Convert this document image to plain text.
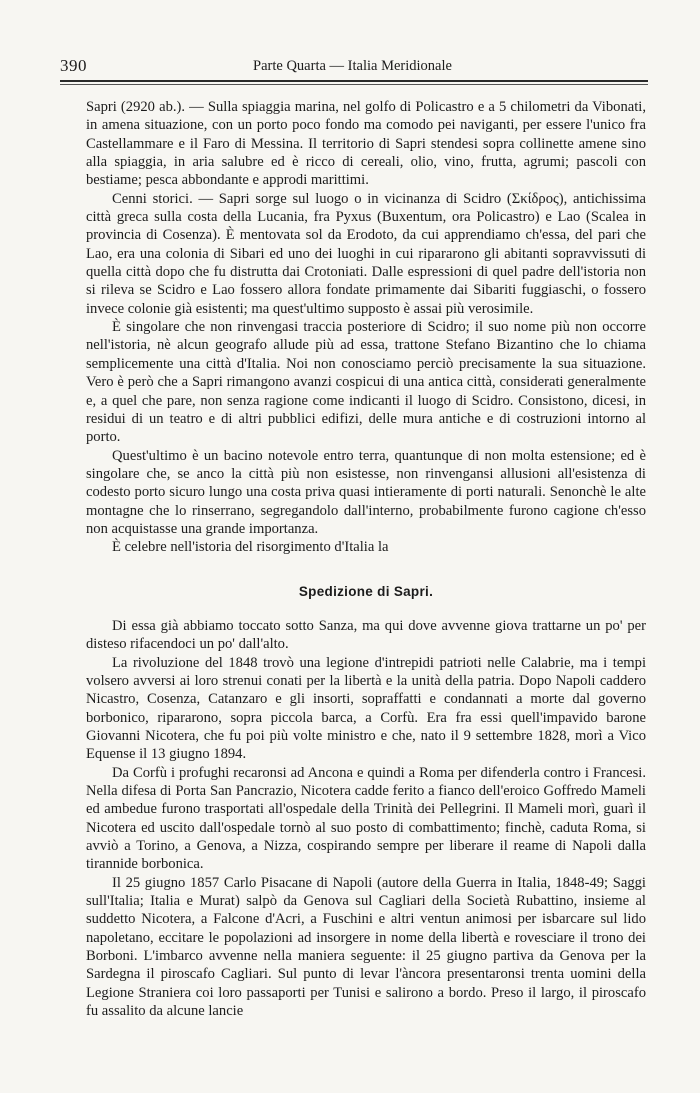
390	Parte Quarta — Italia Meridionale

Sapri (2920 ab.). — Sulla spiaggia marina, nel golfo di Policastro e a 5 chilometri da Vibonati, in amena situazione, con un porto poco fondo ma comodo pei naviganti, per essere l'unico fra Castellammare e il Faro di Messina. Il territorio di Sapri stendesi sopra collinette amene sino alla spiaggia, in aria salubre ed è ricco di cereali, olio, vino, frutta, agrumi; pascoli con bestiame; pesca abbondante e approdi marittimi.

Cenni storici. — Sapri sorge sul luogo o in vicinanza di Scidro (Σκίδρος), antichissima città greca sulla costa della Lucania, fra Pyxus (Buxentum, ora Policastro) e Lao (Scalea in provincia di Cosenza). È mentovata sol da Erodoto, da cui apprendiamo ch'essa, del pari che Lao, era una colonia di Sibari ed uno dei luoghi in cui ripararono gli abitanti sopravvissuti di quella città dopo che fu distrutta dai Crotoniati. Dalle espressioni di quel padre dell'istoria non si rileva se Scidro e Lao fossero allora fondate primamente dai Sibariti fuggiaschi, o fossero invece colonie già esistenti; ma quest'ultimo supposto è assai più verosimile.

È singolare che non rinvengasi traccia posteriore di Scidro; il suo nome più non occorre nell'istoria, nè alcun geografo allude più ad essa, trattone Stefano Bizantino che lo chiama semplicemente una città d'Italia. Noi non conosciamo perciò precisamente la sua situazione. Vero è però che a Sapri rimangono avanzi cospicui di una antica città, considerati generalmente e, a quel che pare, non senza ragione come indicanti il luogo di Scidro. Consistono, dicesi, in residui di un teatro e di altri pubblici edifizi, delle mura antiche e di costruzioni intorno al porto.

Quest'ultimo è un bacino notevole entro terra, quantunque di non molta estensione; ed è singolare che, se anco la città più non esistesse, non rinvengansi allusioni all'esistenza di codesto porto sicuro lungo una costa priva quasi intieramente di porti naturali. Senonchè le alte montagne che lo rinserrano, segregandolo dall'interno, probabilmente furono cagione ch'esso non acquistasse una grande importanza.

È celebre nell'istoria del risorgimento d'Italia la

Spedizione di Sapri.

Di essa già abbiamo toccato sotto Sanza, ma qui dove avvenne giova trattarne un po' per disteso rifacendoci un po' dall'alto.

La rivoluzione del 1848 trovò una legione d'intrepidi patrioti nelle Calabrie, ma i tempi volsero avversi ai loro strenui conati per la libertà e la unità della patria. Dopo Napoli caddero Nicastro, Cosenza, Catanzaro e gli insorti, sopraffatti e condannati a morte dal governo borbonico, ripararono, sopra piccola barca, a Corfù. Era fra essi quell'impavido barone Giovanni Nicotera, che fu poi più volte ministro e che, nato il 9 settembre 1828, morì a Vico Equense il 13 giugno 1894.

Da Corfù i profughi recaronsi ad Ancona e quindi a Roma per difenderla contro i Francesi. Nella difesa di Porta San Pancrazio, Nicotera cadde ferito a fianco dell'eroico Goffredo Mameli ed ambedue furono trasportati all'ospedale della Trinità dei Pellegrini. Il Mameli morì, guarì il Nicotera ed uscito dall'ospedale tornò al suo posto di combattimento; finchè, caduta Roma, si avviò a Torino, a Genova, a Nizza, cospirando sempre per liberare il reame di Napoli dalla tirannide borbonica.

Il 25 giugno 1857 Carlo Pisacane di Napoli (autore della Guerra in Italia, 1848-49; Saggi sull'Italia; Italia e Murat) salpò da Genova sul Cagliari della Società Rubattino, insieme al suddetto Nicotera, a Falcone d'Acri, a Fuschini e altri ventun animosi per isbarcare sul lido napoletano, eccitare le popolazioni ad insorgere in nome della libertà e rovesciare il trono dei Borboni. L'imbarco avvenne nella maniera seguente: il 25 giugno partiva da Genova per la Sardegna il piroscafo Cagliari. Sul punto di levar l'àncora presentaronsi trenta uomini della Legione Straniera coi loro passaporti per Tunisi e salirono a bordo. Preso il largo, il piroscafo fu assalito da alcune lancie
